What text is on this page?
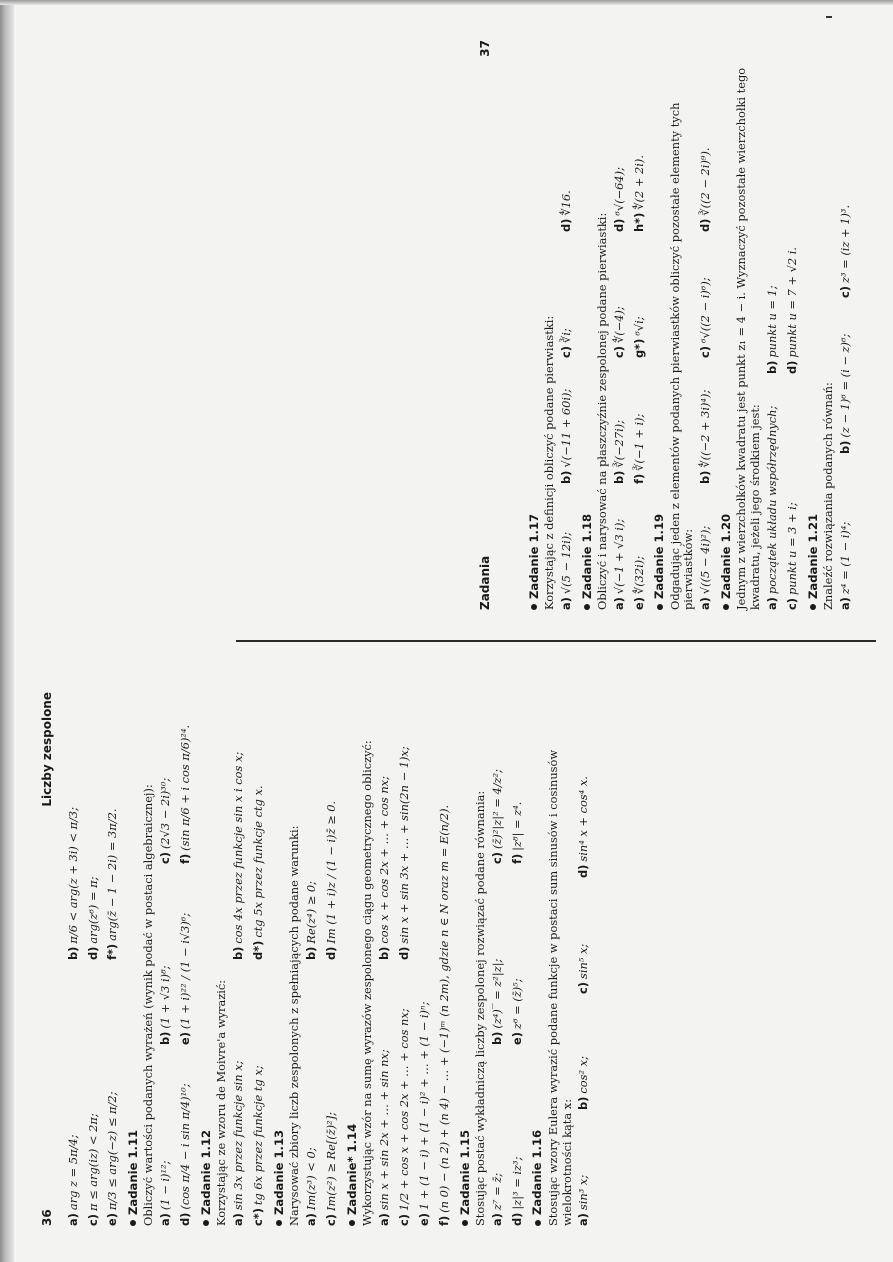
36
Liczby zespolone
a)arg z = 5π/4;
b)π/6 < arg(z + 3i) < π/3;
c)π ≤ arg(iz) < 2π;
d)arg(z⁶) = π;
e)π/3 ≤ arg(−z) ≤ π/2;
f*)arg(z̄ − 1 − 2i) = 3π/2.
Zadanie 1.11 Obliczyć wartości podanych wyrażeń (wynik podać w postaci algebraicznej): a)(1 − i)¹²;
b)(1 + √3 i)⁸;
c)(2√3 − 2i)³⁰;
d)(cos π/4 − i sin π/4)¹⁰;
e)(1 + i)²² / (1 − i√3)⁶;
f)(sin π/6 + i cos π/6)²⁴.
Zadanie 1.12 Korzystając ze wzoru de Moivre'a wyrazić: a)sin 3x przez funkcje sin x;
b)cos 4x przez funkcje sin x i cos x;
c*)tg 6x przez funkcje tg x;
d*)ctg 5x przez funkcje ctg x.
Zadanie 1.13 Narysować zbiory liczb zespolonych z spełniających podane warunki: a)Im(z³) < 0;
b)Re(z⁴) ≥ 0;
c)Im(z²) ≥ Re[(z̄)²];
d)Im (1 + i)z / (1 − i)z̄ ≥ 0.
Zadanie* 1.14 Wykorzystując wzór na sumę wyrazów zespolonego ciągu geometrycznego obliczyć: a)sin x + sin 2x + … + sin nx;
b)cos x + cos 2x + … + cos nx;
c)1/2 + cos x + cos 2x + … + cos nx;
d)sin x + sin 3x + … + sin(2n − 1)x;
e)1 + (1 − i) + (1 − i)² + … + (1 − i)ⁿ;
f)(n 0) − (n 2) + (n 4) − … + (−1)ᵐ (n 2m), gdzie n ∈ N oraz m = E(n/2). Zadanie 1.15 Stosując postać wykładniczą liczby zespolonej rozwiązać podane równania: a)z⁷ = z̄;
b)(z⁴)‾ = z²|z|;
c)(z̄)²|z|² = 4/z²;
d)|z|³ = iz³;
e)z⁶ = (z̄)⁵;
f)|z⁸| = z⁴.
Zadanie 1.16 Stosując wzory Eulera wyrazić podane funkcje w postaci sum sinusów i cosinusów wielokrotności kąta x: a)sin³ x;
b)cos² x;
c)sin⁵ x;
d)sin⁴ x + cos⁴ x.
Zadania
37
Zadanie 1.17 Korzystając z definicji obliczyć podane pierwiastki: a)√(5 − 12i);
b)√(−11 + 60i);
c)∛i;
d)∜16.
Zadanie 1.18 Obliczyć i narysować na płaszczyźnie zespolonej podane pierwiastki: a)√(−1 + √3 i);
b)∛(−27i);
c)∜(−4);
d)⁶√(−64);
e)∜(32i);
f)∛(−1 + i);
g*)⁶√i;
h*)∜(2 + 2i).
Zadanie 1.19 Odgadując jeden z elementów podanych pierwiastków obliczyć pozostałe elementy tych pierwiastków: a)√((5 − 4i)²);
b)∜((−2 + 3i)⁴);
c)⁶√((2 − i)⁶);
d)∛((2 − 2i)⁹).
Zadanie 1.20 Jednym z wierzchołków kwadratu jest punkt z₁ = 4 − i. Wyznaczyć pozostałe wierzchołki tego kwadratu, jeżeli jego środkiem jest: a)początek układu współrzędnych;
b)punkt u = 1;
c)punkt u = 3 + i;
d)punkt u = 7 + √2 i.
Zadanie 1.21 Znaleźć rozwiązania podanych równań: a)z⁴ = (1 − i)⁴;
b)(z − 1)⁶ = (i − z)⁶;
c)z³ = (iz + 1)³.
